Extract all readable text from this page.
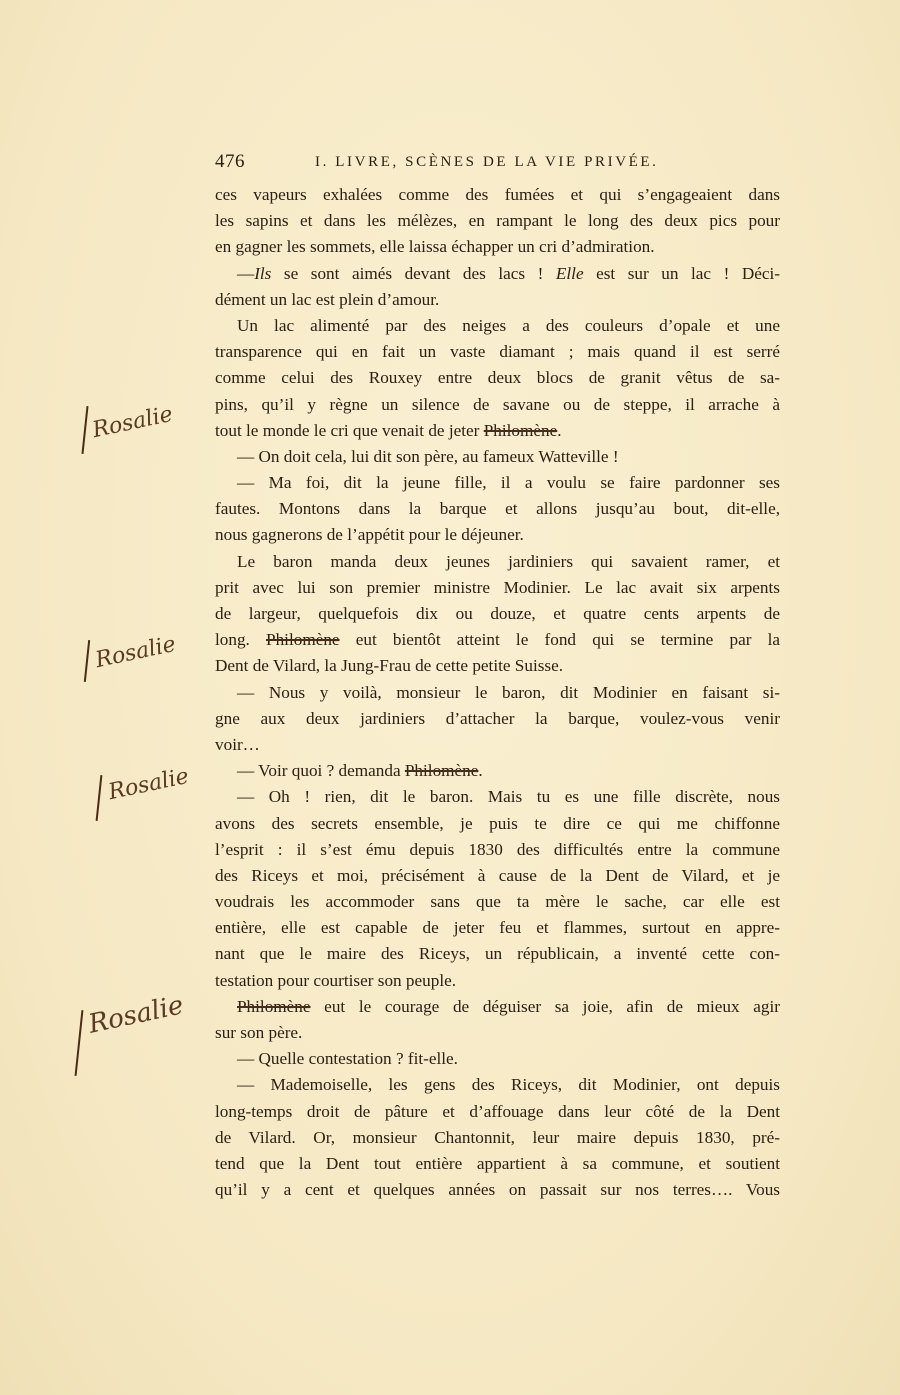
476	I. LIVRE, SCÈNES DE LA VIE PRIVÉE.
Rosalie
Rosalie
Rosalie
Rosalie
ces vapeurs exhalées comme des fumées et qui s’engageaient dans
les sapins et dans les mélèzes, en rampant le long des deux pics pour
en gagner les sommets, elle laissa échapper un cri d’admiration.
—Ils se sont aimés devant des lacs ! Elle est sur un lac ! Déci-
dément un lac est plein d’amour.
Un lac alimenté par des neiges a des couleurs d’opale et une
transparence qui en fait un vaste diamant ; mais quand il est serré
comme celui des Rouxey entre deux blocs de granit vêtus de sa-
pins, qu’il y règne un silence de savane ou de steppe, il arrache à
tout le monde le cri que venait de jeter Philomène.
— On doit cela, lui dit son père, au fameux Watteville !
— Ma foi, dit la jeune fille, il a voulu se faire pardonner ses
fautes. Montons dans la barque et allons jusqu’au bout, dit-elle,
nous gagnerons de l’appétit pour le déjeuner.
Le baron manda deux jeunes jardiniers qui savaient ramer, et
prit avec lui son premier ministre Modinier. Le lac avait six arpents
de largeur, quelquefois dix ou douze, et quatre cents arpents de
long. Philomène eut bientôt atteint le fond qui se termine par la
Dent de Vilard, la Jung-Frau de cette petite Suisse.
— Nous y voilà, monsieur le baron, dit Modinier en faisant si-
gne aux deux jardiniers d’attacher la barque, voulez-vous venir
voir…
— Voir quoi ? demanda Philomène.
— Oh ! rien, dit le baron. Mais tu es une fille discrète, nous
avons des secrets ensemble, je puis te dire ce qui me chiffonne
l’esprit : il s’est ému depuis 1830 des difficultés entre la commune
des Riceys et moi, précisément à cause de la Dent de Vilard, et je
voudrais les accommoder sans que ta mère le sache, car elle est
entière, elle est capable de jeter feu et flammes, surtout en appre-
nant que le maire des Riceys, un républicain, a inventé cette con-
testation pour courtiser son peuple.
Philomène eut le courage de déguiser sa joie, afin de mieux agir
sur son père.
— Quelle contestation ? fit-elle.
— Mademoiselle, les gens des Riceys, dit Modinier, ont depuis
long-temps droit de pâture et d’affouage dans leur côté de la Dent
de Vilard. Or, monsieur Chantonnit, leur maire depuis 1830, pré-
tend que la Dent tout entière appartient à sa commune, et soutient
qu’il y a cent et quelques années on passait sur nos terres…. Vous
